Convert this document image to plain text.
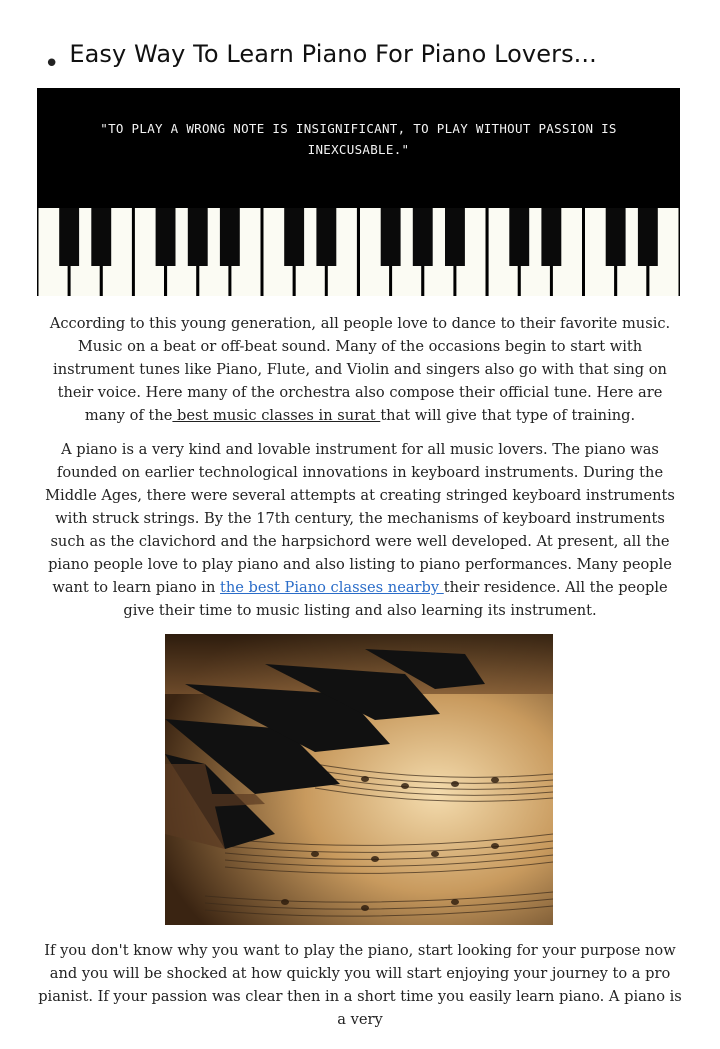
• Easy Way To Learn Piano For Piano Lovers...
"TO PLAY A WRONG NOTE IS INSIGNIFICANT, TO PLAY WITHOUT PASSION IS INEXCUSABLE."
According to this young generation, all people love to dance to their favorite music. Music on a beat or off-beat sound. Many of the occasions begin to start with instrument tunes like Piano, Flute, and Violin and singers also go with that sing on their voice. Here many of the orchestra also compose their official tune. Here are many of the best music classes in surat that will give that type of training.
A piano is a very kind and lovable instrument for all music lovers. The piano was founded on earlier technological innovations in keyboard instruments. During the Middle Ages, there were several attempts at creating stringed keyboard instruments with struck strings. By the 17th century, the mechanisms of keyboard instruments such as the clavichord and the harpsichord were well developed. At present, all the piano people love to play piano and also listing to piano performances. Many people want to learn piano in the best Piano classes nearby their residence. All the people give their time to music listing and also learning its instrument.
If you don't know why you want to play the piano, start looking for your purpose now and you will be shocked at how quickly you will start enjoying your journey to a pro pianist. If your passion was clear then in a short time you easily learn piano. A piano is a very
